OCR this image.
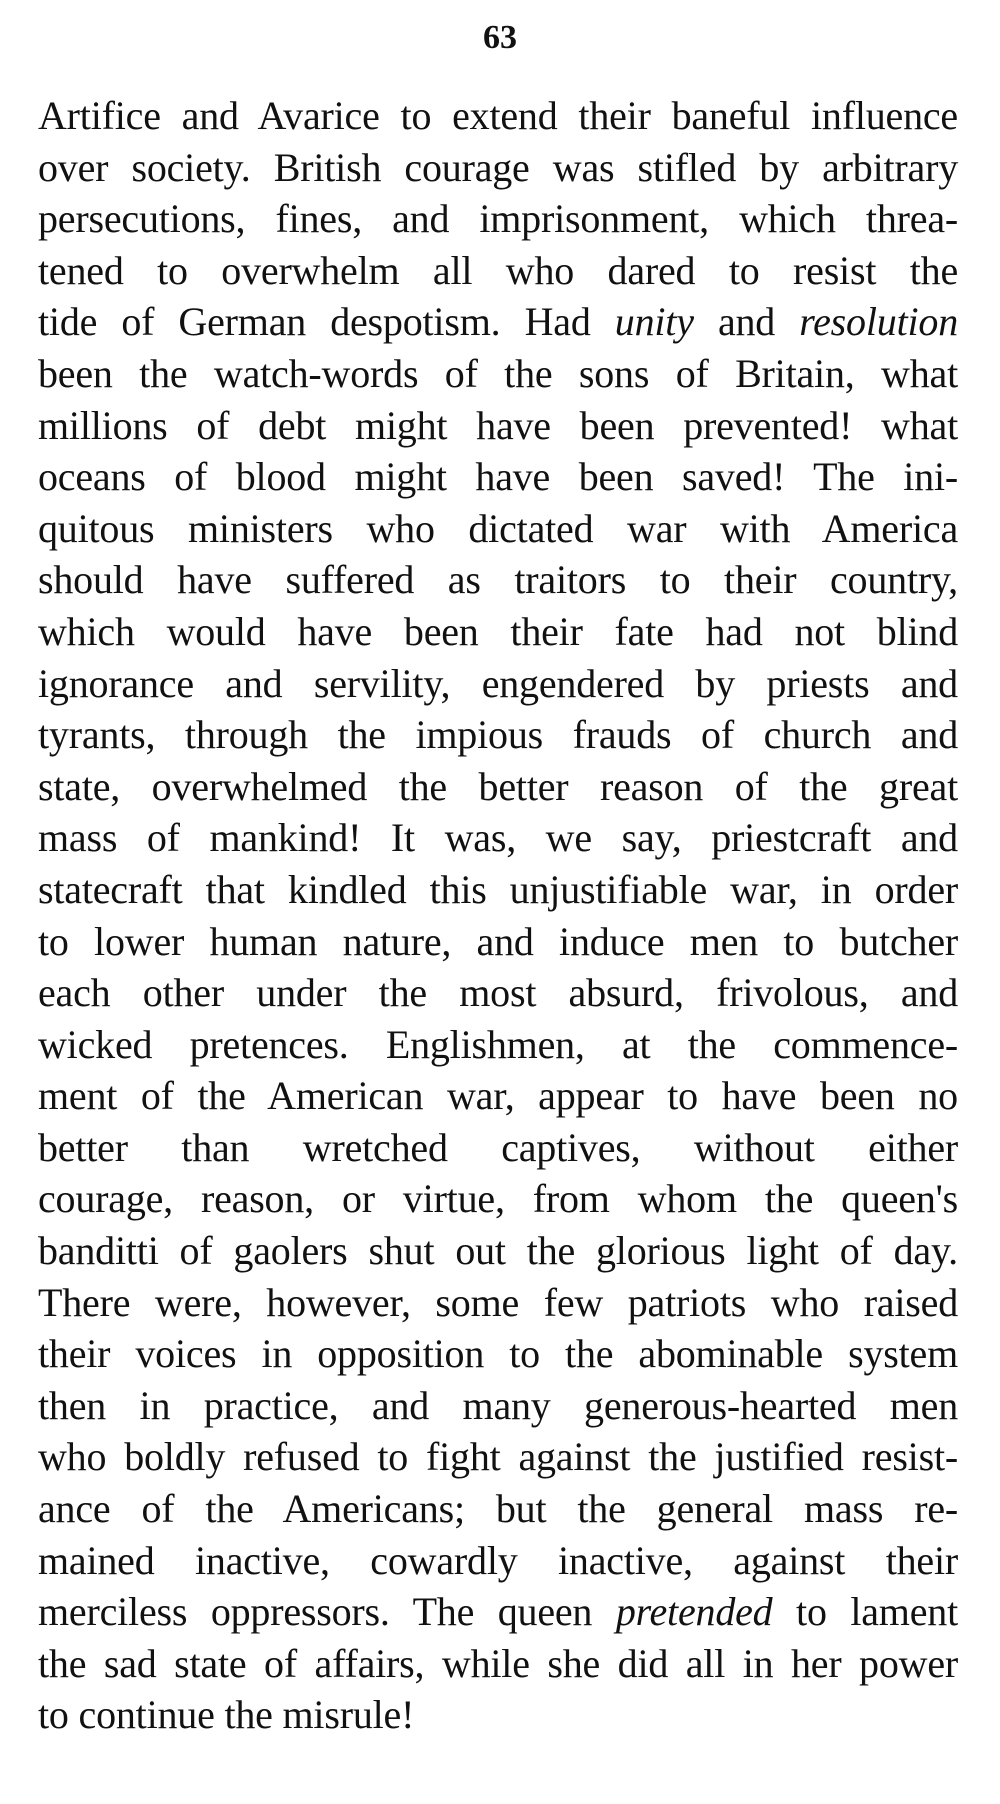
63
Artifice and Avarice to extend their baneful influence
over society. British courage was stifled by arbitrary
persecutions, fines, and imprisonment, which threa-
tened to overwhelm all who dared to resist the
tide of German despotism. Had unity and resolution
been the watch-words of the sons of Britain, what
millions of debt might have been prevented! what
oceans of blood might have been saved! The ini-
quitous ministers who dictated war with America
should have suffered as traitors to their country,
which would have been their fate had not blind
ignorance and servility, engendered by priests and
tyrants, through the impious frauds of church and
state, overwhelmed the better reason of the great
mass of mankind! It was, we say, priestcraft and
statecraft that kindled this unjustifiable war, in order
to lower human nature, and induce men to butcher
each other under the most absurd, frivolous, and
wicked pretences. Englishmen, at the commence-
ment of the American war, appear to have been no
better than wretched captives, without either
courage, reason, or virtue, from whom the queen's
banditti of gaolers shut out the glorious light of day.
There were, however, some few patriots who raised
their voices in opposition to the abominable system
then in practice, and many generous-hearted men
who boldly refused to fight against the justified resist-
ance of the Americans; but the general mass re-
mained inactive, cowardly inactive, against their
merciless oppressors. The queen pretended to lament
the sad state of affairs, while she did all in her power
to continue the misrule!
